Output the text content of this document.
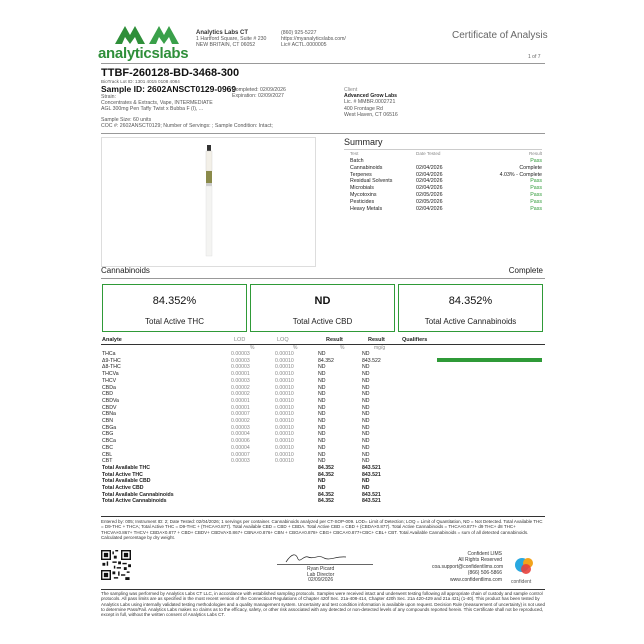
analyticslabs
Analytics Labs CT
1 Hartford Square, Suite # 230
NEW BRITAIN, CT 06052
(860) 925-5227
https://myanalyticslabs.com/
Lic# ACTL.0000005
Certificate of Analysis
1 of 7
TTBF-260128-BD-3468-300
BioTrack Lot ID: 1301 4015 0108 4084
Sample ID: 2602ANSCT0129-0969
Strain:
Concentrates & Extracts, Vape, INTERMEDIATE
AGL 300mg Pen Taffy Twist x Bubba F (I), ...
Completed: 02/09/2026
Expiration: 02/09/2027
Sample Size: 60 units
COC #: 2602ANSCT0129; Number of Servings: ; Sample Condition: Intact;
Client
Advanced Grow Labs
Lic. # MMBR.0002721
400 Frontage Rd
West Haven, CT 06516
Summary
Test	Date Tested	Result
Batch	Pass
Cannabinoids	02/04/2026	Complete
Terpenes	02/04/2026	4.03% - Complete
Residual Solvents	02/04/2026	Pass
Microbials	02/04/2026	Pass
Mycotoxins	02/05/2026	Pass
Pesticides	02/05/2026	Pass
Heavy Metals	02/04/2026	Pass
Cannabinoids	Complete
84.352%
Total Active THC
ND
Total Active CBD
84.352%
Total Active Cannabinoids
Analyte	LOD	LOQ	Result	Result	Qualifiers
%	%	%	mg/g
THCa	0.00003	0.00010	ND	ND
Δ9-THC	0.00003	0.00010	84.352	843.522
Δ8-THC	0.00003	0.00010	ND	ND
THCVa	0.00001	0.00010	ND	ND
THCV	0.00003	0.00010	ND	ND
CBDa	0.00002	0.00010	ND	ND
CBD	0.00002	0.00010	ND	ND
CBDVa	0.00001	0.00010	ND	ND
CBDV	0.00001	0.00010	ND	ND
CBNa	0.00007	0.00010	ND	ND
CBN	0.00002	0.00010	ND	ND
CBGa	0.00003	0.00010	ND	ND
CBG	0.00004	0.00010	ND	ND
CBCa	0.00006	0.00010	ND	ND
CBC	0.00004	0.00010	ND	ND
CBL	0.00007	0.00010	ND	ND
CBT	0.00003	0.00010	ND	ND
Total Available THC	84.352	843.521
Total Active THC	84.352	843.521
Total Available CBD	ND	ND
Total Active CBD	ND	ND
Total Available Cannabinoids	84.352	843.521
Total Active Cannabinoids	84.352	843.521
Entered by: 005; Instrument ID: 2; Date Tested: 02/04/2026; 1 servings per container. Cannabinoids analyzed per CT-SOP-009. LOD= Limit of Detection; LOQ = Limit of Quantitation, ND = Not Detected. Total Available THC = D9-THC + THCA; Total Active THC = D9-THC + (THCA×0.877). Total Available CBD = CBD + CBDA. Total Active CBD = CBD + (CBDA×0.877). Total Active Cannabinoids = THCA×0.877+ d9 THC+ d8 THC+ THCVA×0.867+ THCV+ CBDA×0.877 + CBD+ CBDV+ CBDVA×0.867+ CBNA×0.876+ CBN + CBGA×0.878+ CBG+ CBCA×0.877+CBC+ CBL+ CBT. Total Available Cannabinoids = sum of all detected cannabinoids. Calculated percentage by dry weight.
Ryan Picard
Lab Director
02/09/2026
Confident LIMS
All Rights Reserved
coa.support@confidentlims.com
(866) 506-5866
www.confidentlims.com confident
The sampling was performed by Analytics Labs CT LLC, in accordance with established sampling protocols. Samples were received intact and underwent testing following all appropriate chain of custody and sample control protocols. All pass limits are as specified in the most recent version of the Connecticut Regulations of Chapter 420f Sec. 21a-408-414, Chapter 420h Sec. 21a 420-429 and 21a 421j (1-40). This product has been tested by Analytics Labs using internally validated testing methodologies and a quality management system. Uncertainty and test condition information is available upon request. Decision Rule (measurement of uncertainty) is not used to determine Pass/Fail. Analytics Labs makes no claims as to the efficacy, safety, or other risk associated with any detected or non-detected levels of any compounds reported herein. This Certificate shall not be reproduced, except in full, without the written consent of Analytics Labs CT.
